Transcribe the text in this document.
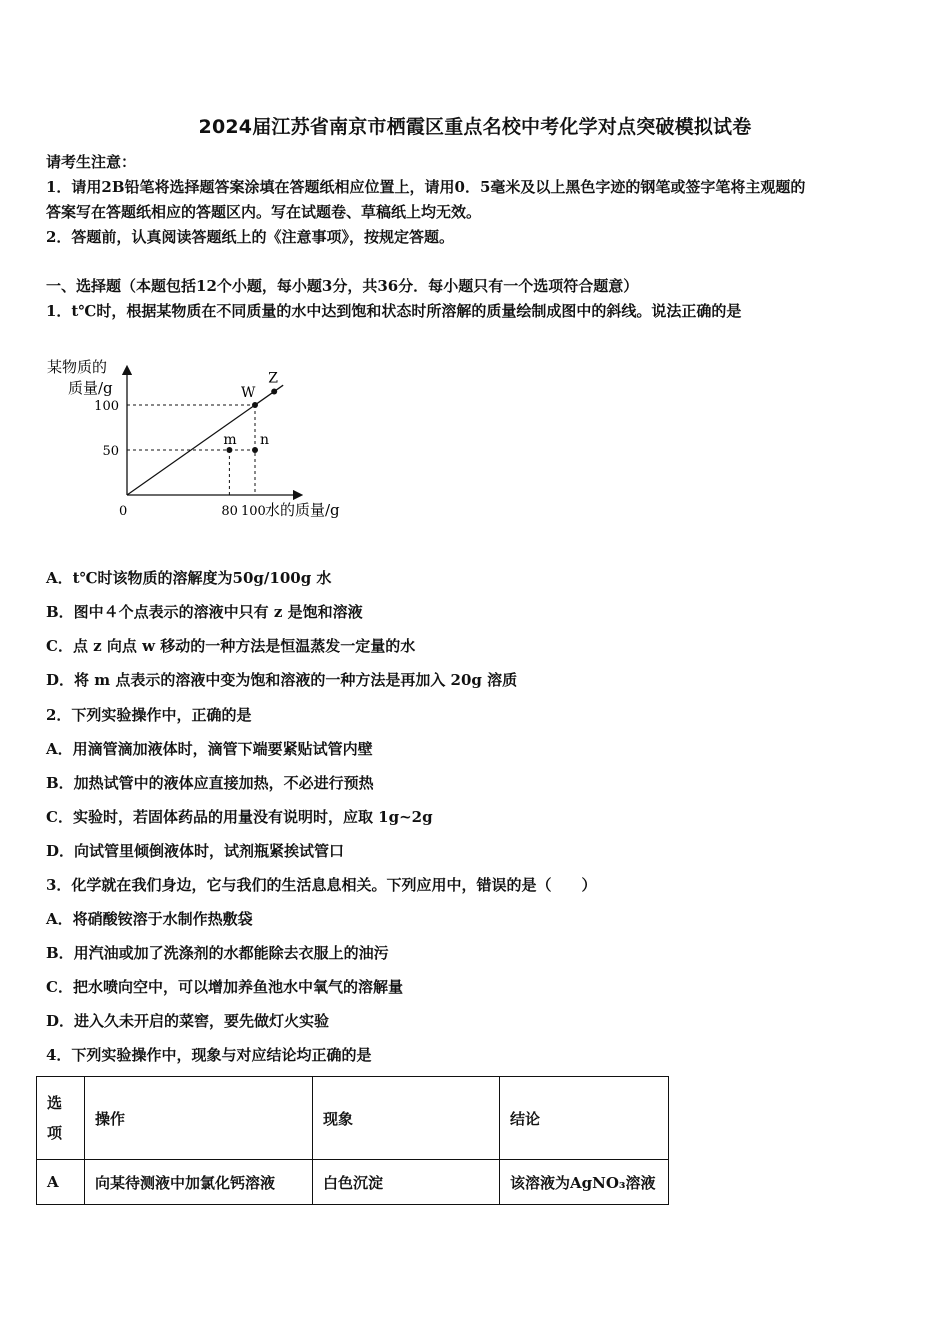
2024届江苏省南京市栖霞区重点名校中考化学对点突破模拟试卷
请考生注意：
1．请用2B铅笔将选择题答案涂填在答题纸相应位置上，请用0．5毫米及以上黑色字迹的钢笔或签字笔将主观题的
答案写在答题纸相应的答题区内。写在试题卷、草稿纸上均无效。
2．答题前，认真阅读答题纸上的《注意事项》，按规定答题。
一、选择题（本题包括12个小题，每小题3分，共36分．每小题只有一个选项符合题意）
1．t℃时，根据某物质在不同质量的水中达到饱和状态时所溶解的质量绘制成图中的斜线。说法正确的是
某物质的
质量/g
100
50
80 100
W
Z
m n
0	水的质量/g
A．t℃时该物质的溶解度为50g/100g 水
B．图中４个点表示的溶液中只有 z 是饱和溶液
C．点 z 向点 w 移动的一种方法是恒温蒸发一定量的水
D．将 m 点表示的溶液中变为饱和溶液的一种方法是再加入 20g 溶质
2．下列实验操作中，正确的是
A．用滴管滴加液体时，滴管下端要紧贴试管内壁
B．加热试管中的液体应直接加热，不必进行预热
C．实验时，若固体药品的用量没有说明时，应取 1g~2g
D．向试管里倾倒液体时，试剂瓶紧挨试管口
3．化学就在我们身边，它与我们的生活息息相关。下列应用中，错误的是（　　）
A．将硝酸铵溶于水制作热敷袋
B．用汽油或加了洗涤剂的水都能除去衣服上的油污
C．把水喷向空中，可以增加养鱼池水中氧气的溶解量
D．进入久未开启的菜窖，要先做灯火实验
4．下列实验操作中，现象与对应结论均正确的是
选
项	操作	现象	结论
A	向某待测液中加氯化钙溶液	白色沉淀	该溶液为AgNO₃溶液
